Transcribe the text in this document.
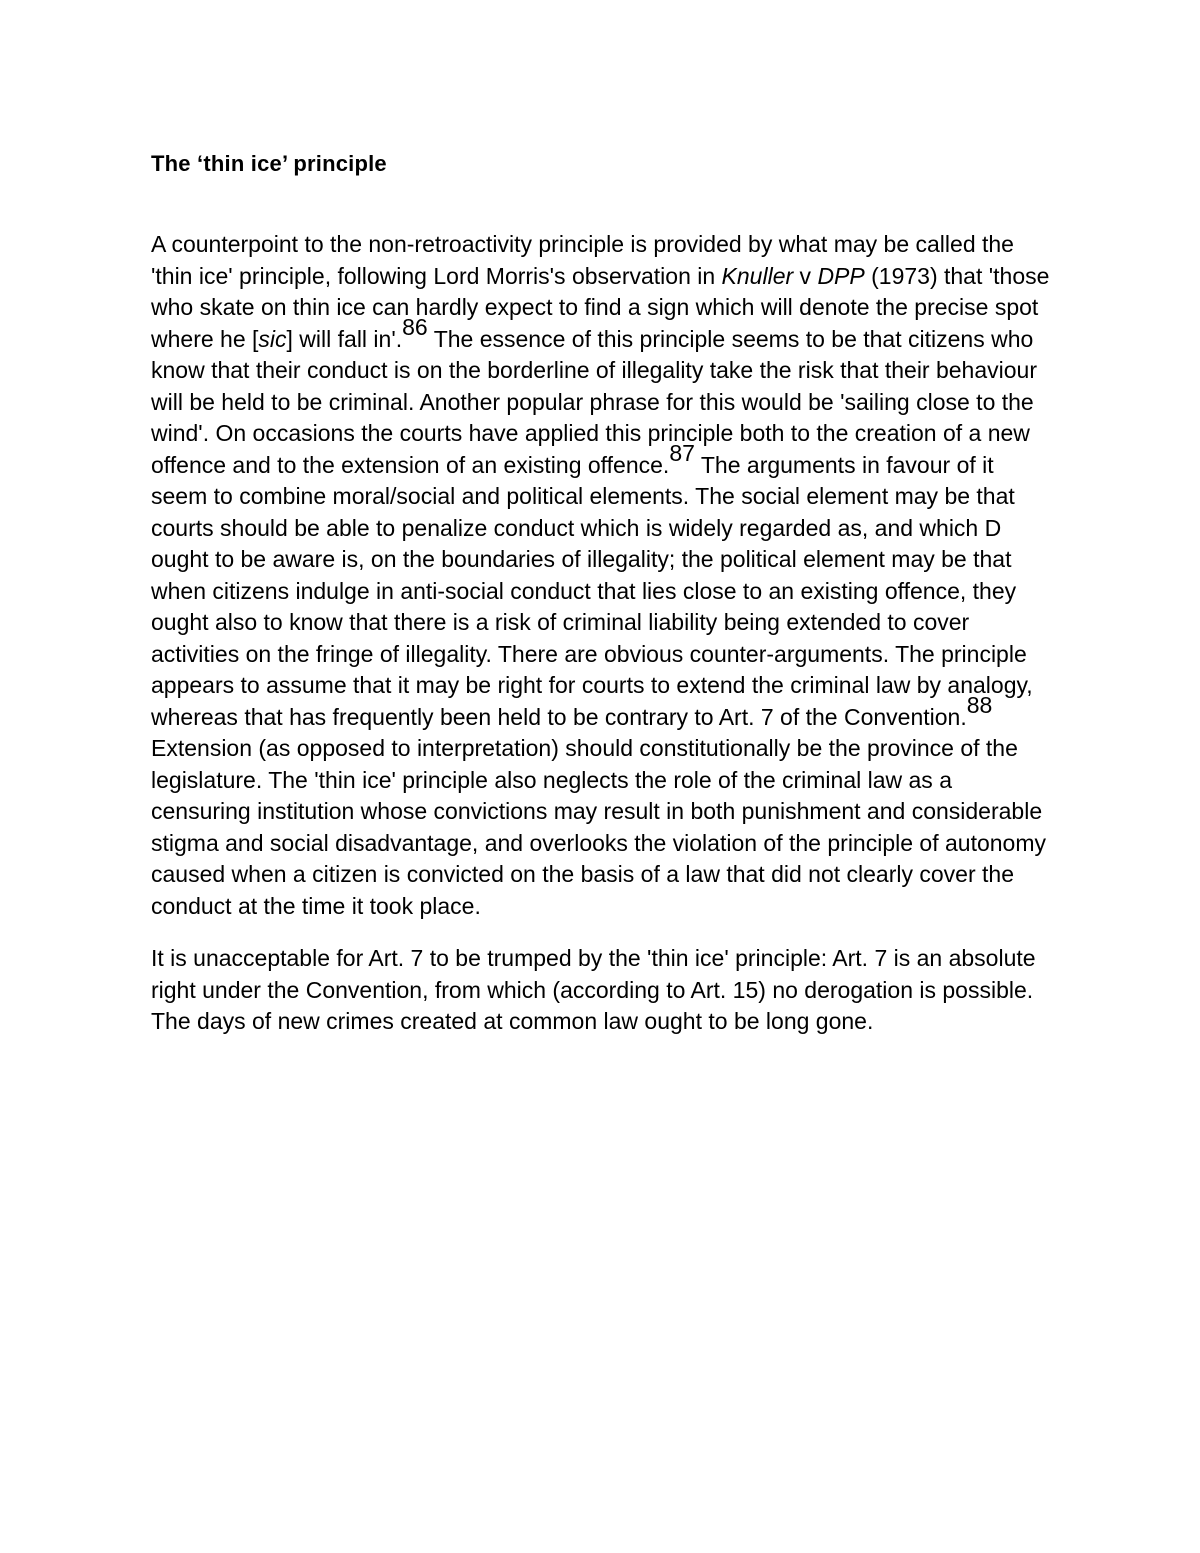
The ‘thin ice’ principle

A counterpoint to the non-retroactivity principle is provided by what may be called the 'thin ice' principle, following Lord Morris's observation in Knuller v DPP (1973) that 'those who skate on thin ice can hardly expect to find a sign which will denote the precise spot where he [sic] will fall in'.86 The essence of this principle seems to be that citizens who know that their conduct is on the borderline of illegality take the risk that their behaviour will be held to be criminal. Another popular phrase for this would be 'sailing close to the wind'. On occasions the courts have applied this principle both to the creation of a new offence and to the extension of an existing offence.87 The arguments in favour of it seem to combine moral/social and political elements. The social element may be that courts should be able to penalize conduct which is widely regarded as, and which D ought to be aware is, on the boundaries of illegality; the political element may be that when citizens indulge in anti-social conduct that lies close to an existing offence, they ought also to know that there is a risk of criminal liability being extended to cover activities on the fringe of illegality. There are obvious counter-arguments. The principle appears to assume that it may be right for courts to extend the criminal law by analogy, whereas that has frequently been held to be contrary to Art. 7 of the Convention.88 Extension (as opposed to interpretation) should constitutionally be the province of the legislature. The 'thin ice' principle also neglects the role of the criminal law as a censuring institution whose convictions may result in both punishment and considerable stigma and social disadvantage, and overlooks the violation of the principle of autonomy caused when a citizen is convicted on the basis of a law that did not clearly cover the conduct at the time it took place.

It is unacceptable for Art. 7 to be trumped by the 'thin ice' principle: Art. 7 is an absolute right under the Convention, from which (according to Art. 15) no derogation is possible. The days of new crimes created at common law ought to be long gone.
